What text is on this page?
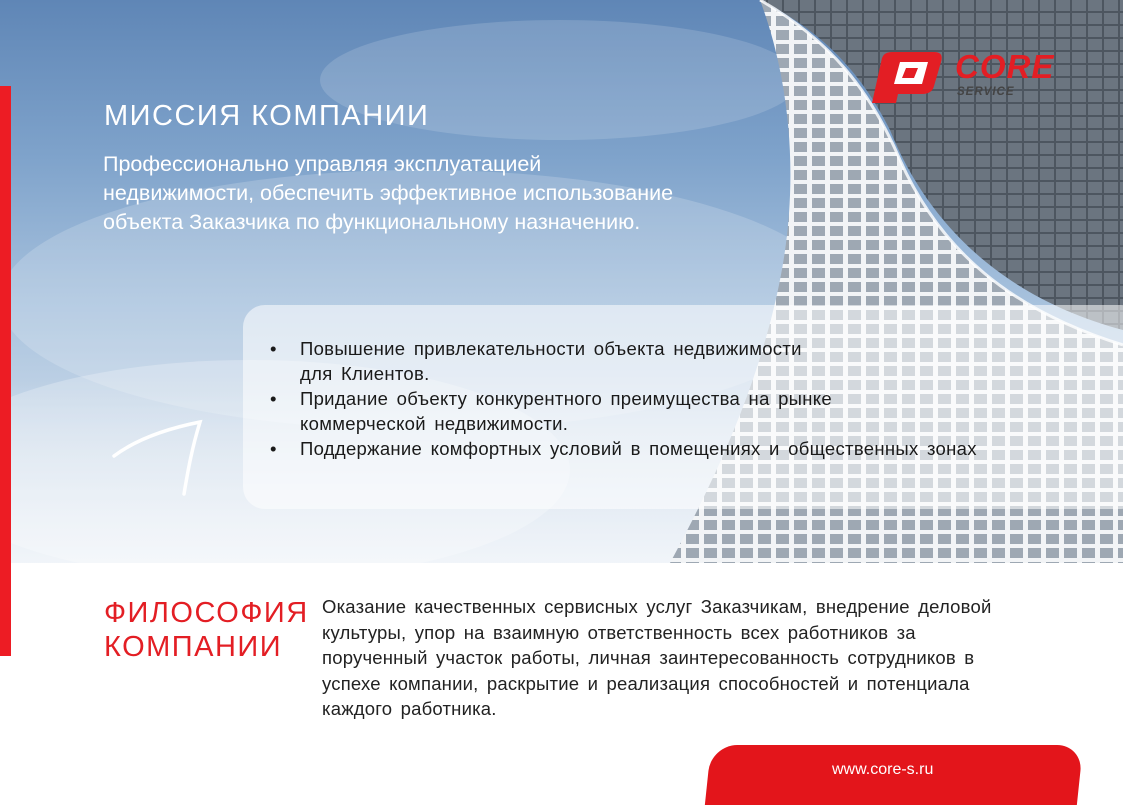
CORE
SERVICE
МИССИЯ КОМПАНИИ

Профессионально управляя эксплуатацией
недвижимости, обеспечить эффективное использование
объекта Заказчика по функциональному назначению.

• Повышение привлекательности объекта недвижимости
для Клиентов.
• Придание объекту конкурентного преимущества на рынке
коммерческой недвижимости.
• Поддержание комфортных условий в помещениях и общественных зонах
ФИЛОСОФИЯ
КОМПАНИИ

Оказание качественных сервисных услуг Заказчикам, внедрение деловой
культуры, упор на взаимную ответственность всех работников за
порученный участок работы, личная заинтересованность сотрудников в
успехе компании, раскрытие и реализация способностей и потенциала
каждого работника.

www.core-s.ru
